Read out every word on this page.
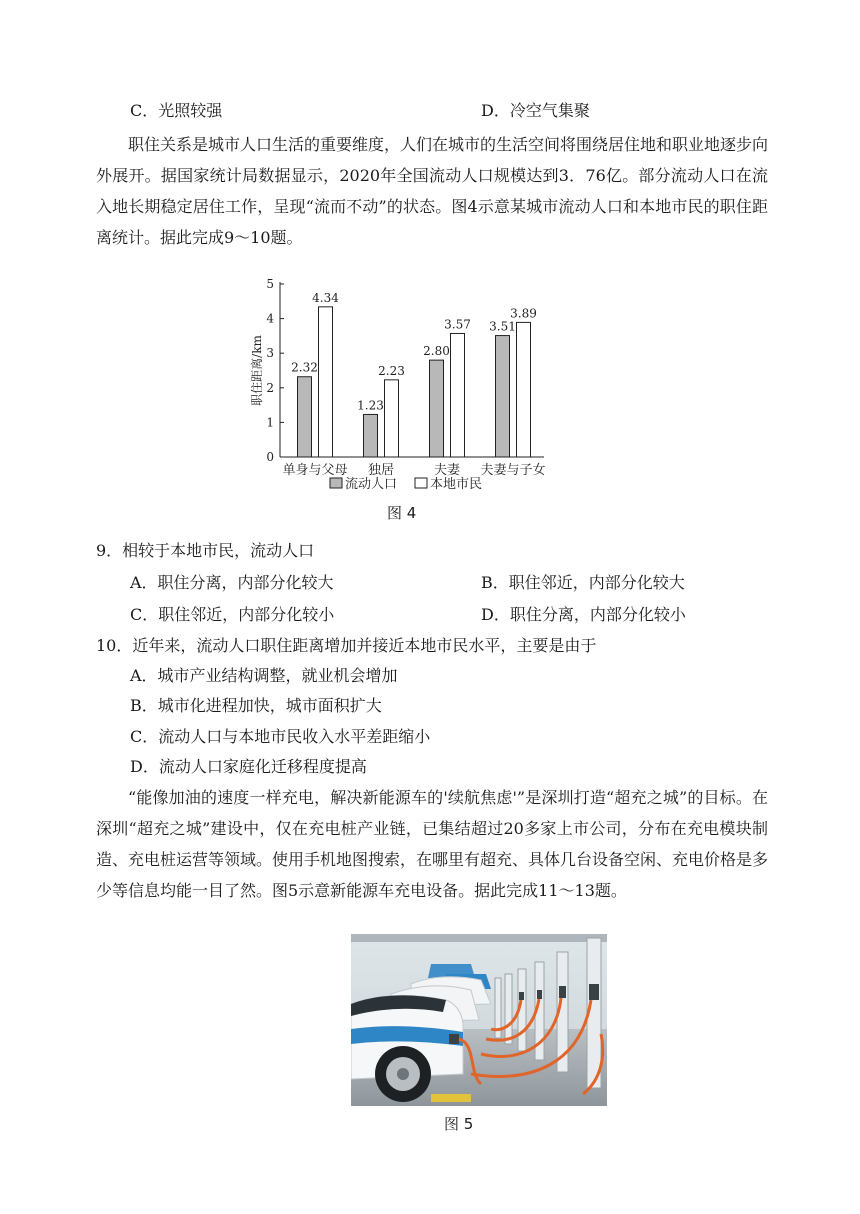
C．光照较强	D．冷空气集聚
职住关系是城市人口生活的重要维度，人们在城市的生活空间将围绕居住地和职业地逐步向外展开。据国家统计局数据显示，2020年全国流动人口规模达到3．76亿。部分流动人口在流入地长期稳定居住工作，呈现“流而不动”的状态。图4示意某城市流动人口和本地市民的职住距离统计。据此完成9～10题。
0
1
2
3
4
5
职住距离/km 2.32
4.34
单身与父母
1.23
2.23
独居
2.80
3.57
夫妻
3.51
3.89
夫妻与子女
流动人口	本地市民
图 4
9．相较于本地市民，流动人口
A．职住分离，内部分化较大	B．职住邻近，内部分化较大
C．职住邻近，内部分化较小	D．职住分离，内部分化较小
10．近年来，流动人口职住距离增加并接近本地市民水平，主要是由于
A．城市产业结构调整，就业机会增加
B．城市化进程加快，城市面积扩大
C．流动人口与本地市民收入水平差距缩小
D．流动人口家庭化迁移程度提高
“能像加油的速度一样充电，解决新能源车的'续航焦虑'”是深圳打造“超充之城”的目标。在深圳“超充之城”建设中，仅在充电桩产业链，已集结超过20多家上市公司，分布在充电模块制造、充电桩运营等领域。使用手机地图搜索，在哪里有超充、具体几台设备空闲、充电价格是多少等信息均能一目了然。图5示意新能源车充电设备。据此完成11～13题。
图 5
